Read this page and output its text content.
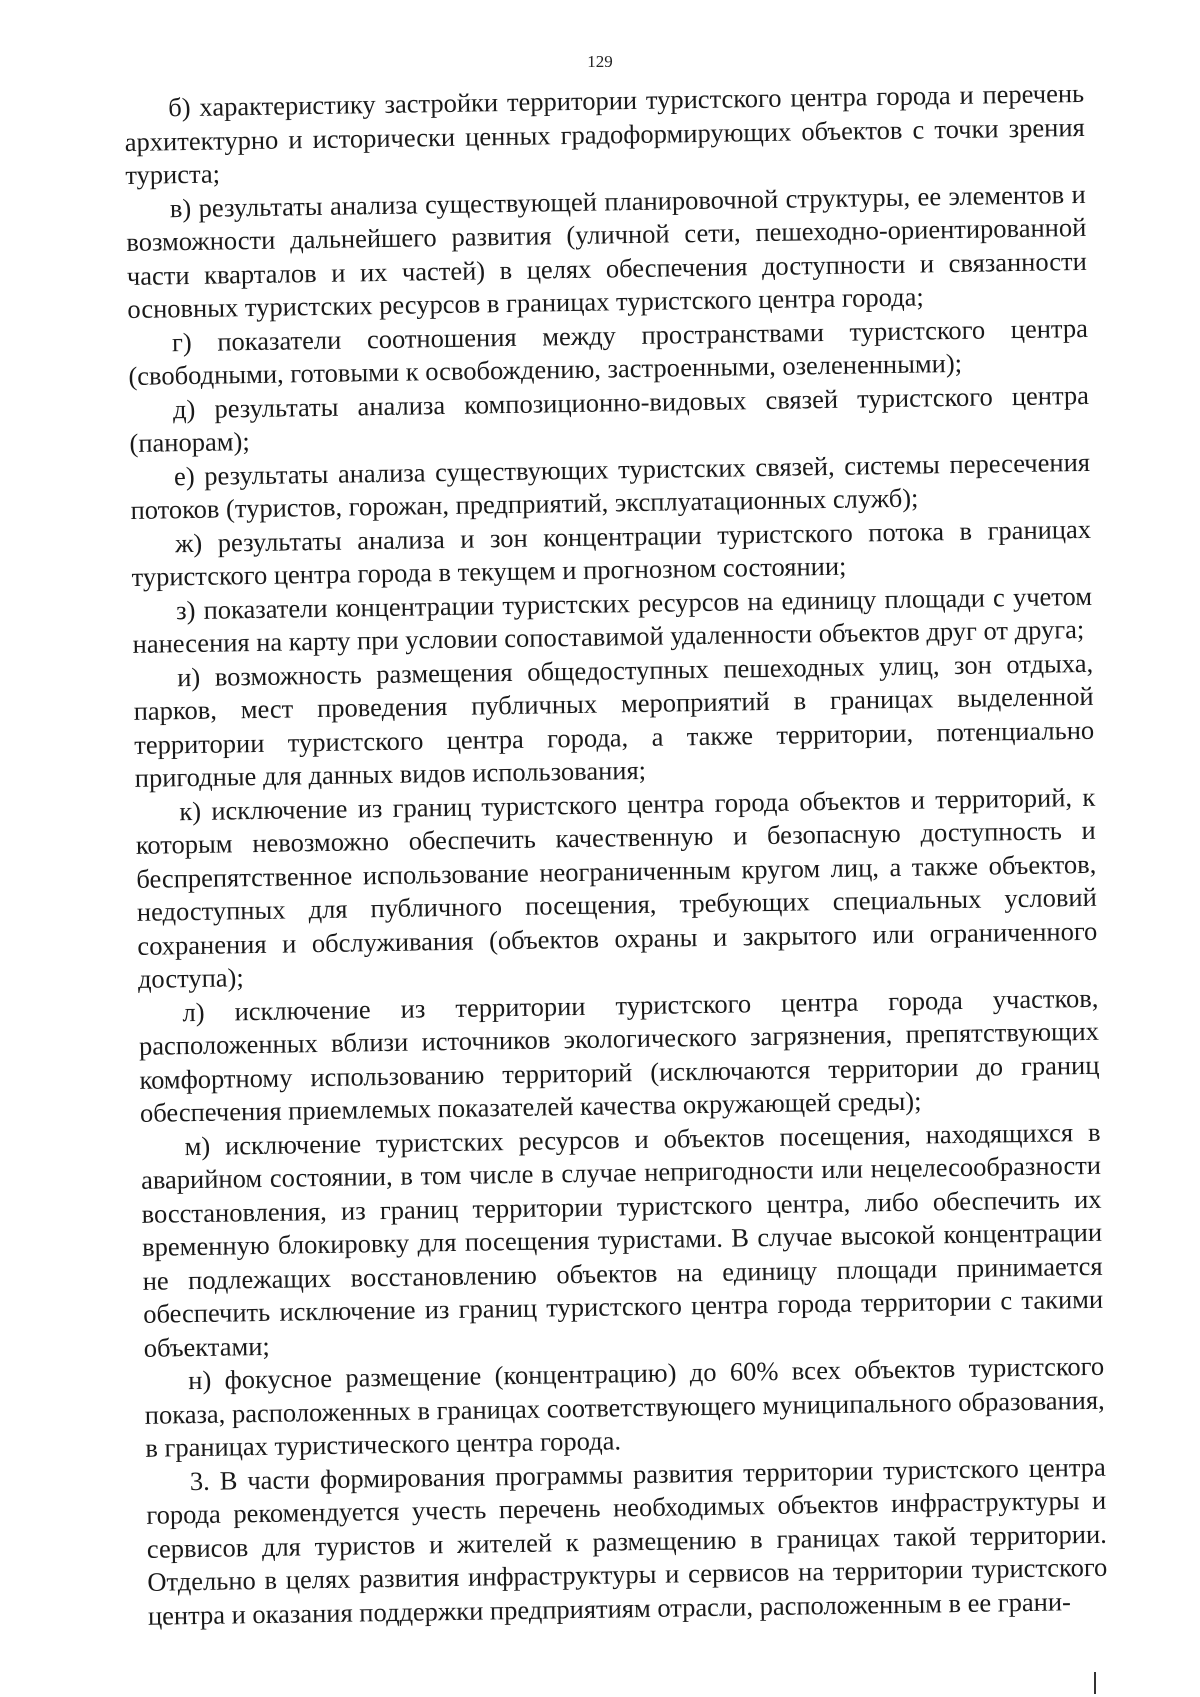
129

б) характеристику застройки территории туристского центра города и перечень архитектурно и исторически ценных градоформирующих объектов с точки зрения туриста;

в) результаты анализа существующей планировочной структуры, ее элементов и возможности дальнейшего развития (уличной сети, пешеходно-ориентированной части кварталов и их частей) в целях обеспечения доступности и связанности основных туристских ресурсов в границах туристского центра города;

г) показатели соотношения между пространствами туристского центра (свободными, готовыми к освобождению, застроенными, озелененными);

д) результаты анализа композиционно-видовых связей туристского центра (панорам);

е) результаты анализа существующих туристских связей, системы пересечения потоков (туристов, горожан, предприятий, эксплуатационных служб);

ж) результаты анализа и зон концентрации туристского потока в границах туристского центра города в текущем и прогнозном состоянии;

з) показатели концентрации туристских ресурсов на единицу площади с учетом нанесения на карту при условии сопоставимой удаленности объектов друг от друга;

и) возможность размещения общедоступных пешеходных улиц, зон отдыха, парков, мест проведения публичных мероприятий в границах выделенной территории туристского центра города, а также территории, потенциально пригодные для данных видов использования;

к) исключение из границ туристского центра города объектов и территорий, к которым невозможно обеспечить качественную и безопасную доступность и беспрепятственное использование неограниченным кругом лиц, а также объектов, недоступных для публичного посещения, требующих специальных условий сохранения и обслуживания (объектов охраны и закрытого или ограниченного доступа);

л) исключение из территории туристского центра города участков, расположенных вблизи источников экологического загрязнения, препятствующих комфортному использованию территорий (исключаются территории до границ обеспечения приемлемых показателей качества окружающей среды);

м) исключение туристских ресурсов и объектов посещения, находящихся в аварийном состоянии, в том числе в случае непригодности или нецелесообразности восстановления, из границ территории туристского центра, либо обеспечить их временную блокировку для посещения туристами. В случае высокой концентрации не подлежащих восстановлению объектов на единицу площади принимается обеспечить исключение из границ туристского центра города территории с такими объектами;

н) фокусное размещение (концентрацию) до 60% всех объектов туристского показа, расположенных в границах соответствующего муниципального образования, в границах туристического центра города.

3. В части формирования программы развития территории туристского центра города рекомендуется учесть перечень необходимых объектов инфраструктуры и сервисов для туристов и жителей к размещению в границах такой территории. Отдельно в целях развития инфраструктуры и сервисов на территории туристского центра и оказания поддержки предприятиям отрасли, расположенным в ее грани-
